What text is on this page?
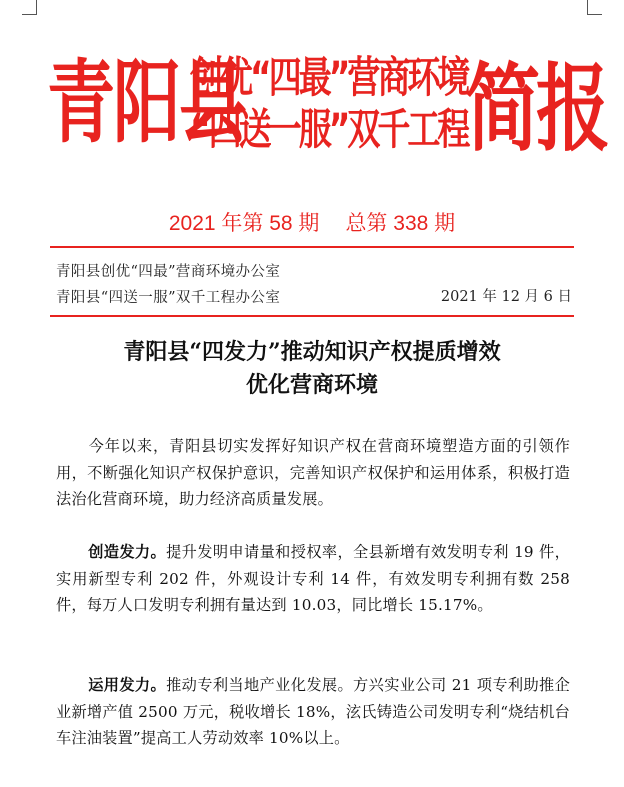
青阳县
创优“四最”营商环境
“四送一服”双千工程
简报
2021 年第 58 期 总第 338 期
青阳县创优“四最”营商环境办公室
青阳县“四送一服”双千工程办公室	2021 年 12 月 6 日
青阳县“四发力”推动知识产权提质增效
优化营商环境
今年以来，青阳县切实发挥好知识产权在营商环境塑造方面的引领作用，不断强化知识产权保护意识，完善知识产权保护和运用体系，积极打造法治化营商环境，助力经济高质量发展。
创造发力。提升发明申请量和授权率，全县新增有效发明专利 19 件，实用新型专利 202 件，外观设计专利 14 件，有效发明专利拥有数 258 件，每万人口发明专利拥有量达到 10.03，同比增长 15.17%。
运用发力。推动专利当地产业化发展。方兴实业公司 21 项专利助推企业新增产值 2500 万元，税收增长 18%，泫氏铸造公司发明专利“烧结机台车注油装置”提高工人劳动效率 10%以上。
